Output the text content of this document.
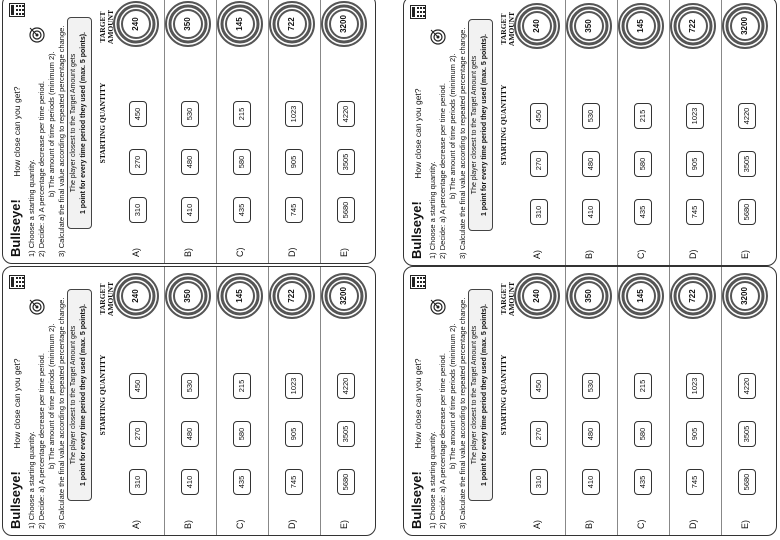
Bullseye! How close can you get?
1) Choose a starting quantity. 2) Decide: a) A percentage decrease per time period. b) The amount of time periods (minimum 2). 3) Calculate the final value according to repeated percentage change. The player closest to the Target Amount gets 1 point for every time period they used (max. 5 points). STARTING QUANTITY
TARGET AMOUNT
A)
310
270
450
240
B)
410
480
530
350
C)
435
580
215
145
D)
745
905
1023
722
E)
5680
3505
4220
3200
Bullseye! How close can you get?
1) Choose a starting quantity. 2) Decide: a) A percentage decrease per time period. b) The amount of time periods (minimum 2). 3) Calculate the final value according to repeated percentage change. The player closest to the Target Amount gets 1 point for every time period they used (max. 5 points). STARTING QUANTITY
TARGET AMOUNT
A)
310
270
450
240
B)
410
480
530
350
C)
435
580
215
145
D)
745
905
1023
722
E)
5680
3505
4220
3200
Bullseye! How close can you get?
1) Choose a starting quantity. 2) Decide: a) A percentage decrease per time period. b) The amount of time periods (minimum 2). 3) Calculate the final value according to repeated percentage change. The player closest to the Target Amount gets 1 point for every time period they used (max. 5 points). STARTING QUANTITY
TARGET AMOUNT
A)
310
270
450
240
B)
410
480
530
350
C)
435
580
215
145
D)
745
905
1023
722
E)
5680
3505
4220
3200
Bullseye! How close can you get?
1) Choose a starting quantity. 2) Decide: a) A percentage decrease per time period. b) The amount of time periods (minimum 2). 3) Calculate the final value according to repeated percentage change. The player closest to the Target Amount gets 1 point for every time period they used (max. 5 points). STARTING QUANTITY
TARGET AMOUNT
A)
310
270
450
240
B)
410
480
530
350
C)
435
580
215
145
D)
745
905
1023
722
E)
5680
3505
4220
3200
